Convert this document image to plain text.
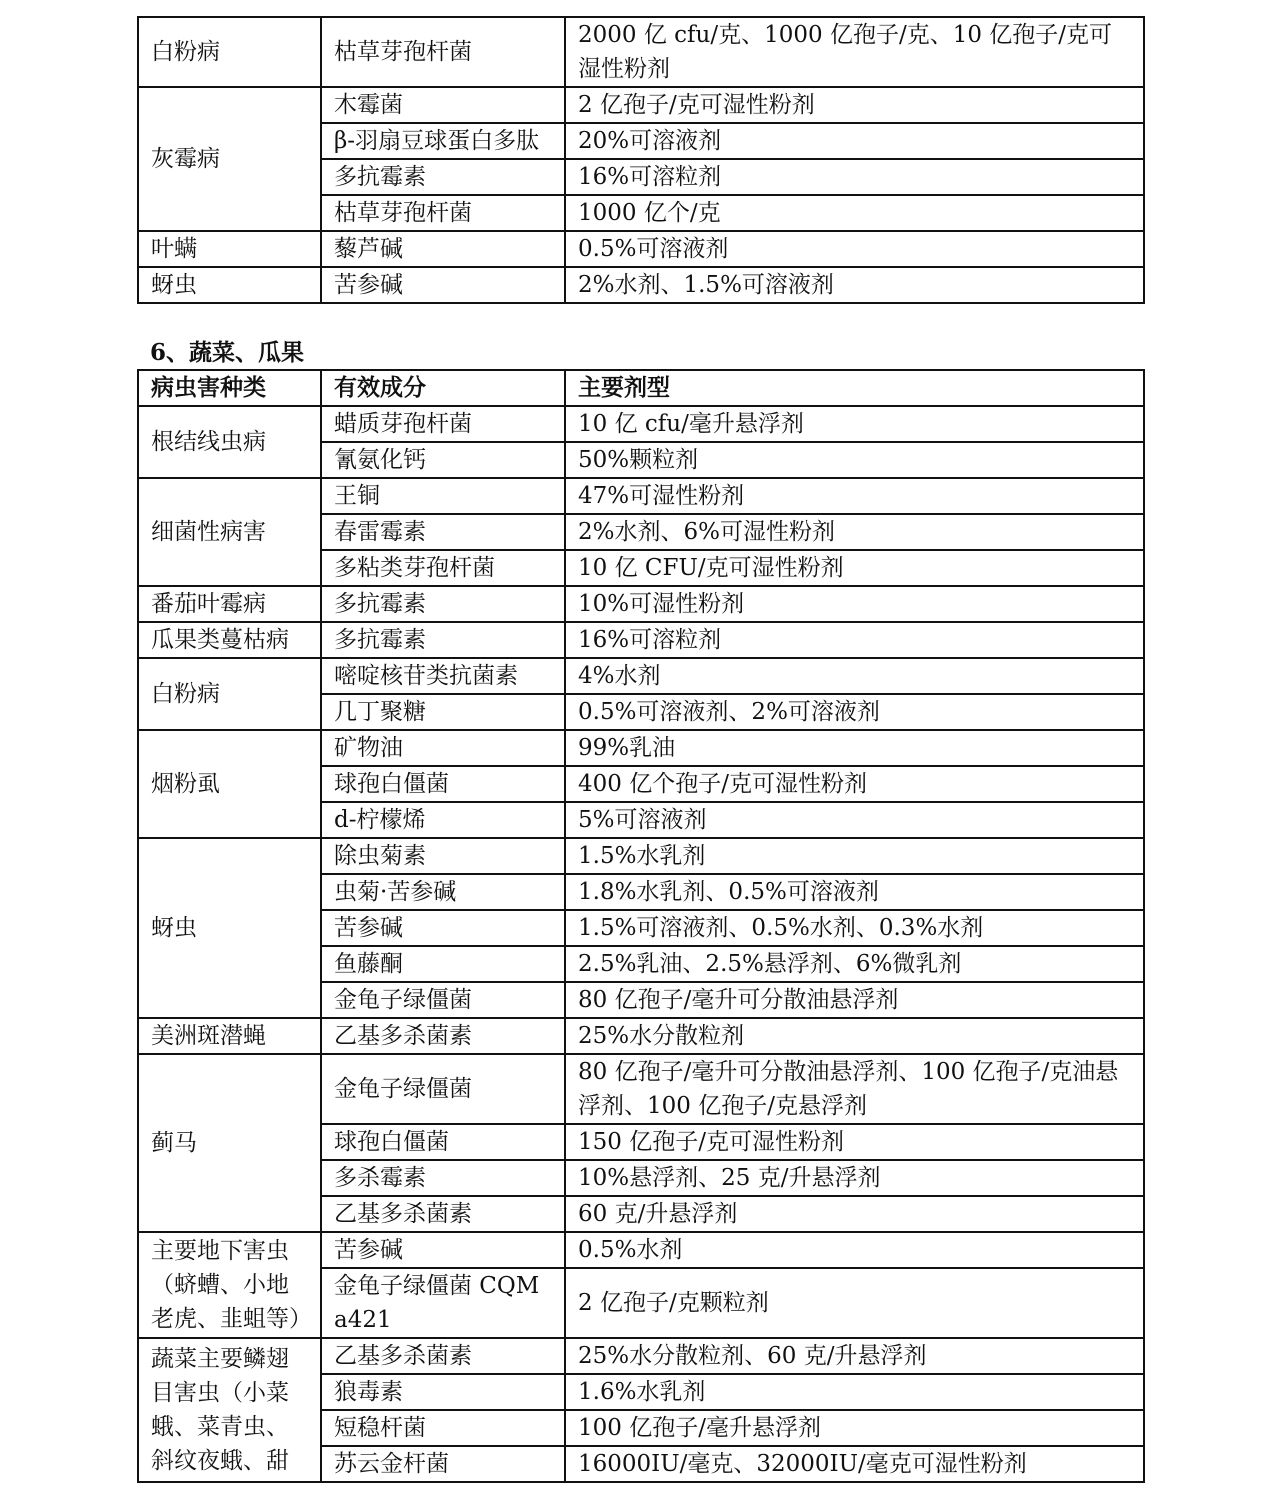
白粉病	枯草芽孢杆菌	2000 亿 cfu/克、1000 亿孢子/克、10 亿孢子/克可湿性粉剂
灰霉病	木霉菌	2 亿孢子/克可湿性粉剂
	β-羽扇豆球蛋白多肽	20%可溶液剂
	多抗霉素	16%可溶粒剂
	枯草芽孢杆菌	1000 亿个/克
叶螨	藜芦碱	0.5%可溶液剂
蚜虫	苦参碱	2%水剂、1.5%可溶液剂
6、蔬菜、瓜果
病虫害种类	有效成分	主要剂型
根结线虫病	蜡质芽孢杆菌	10 亿 cfu/毫升悬浮剂
	氰氨化钙	50%颗粒剂
细菌性病害	王铜	47%可湿性粉剂
	春雷霉素	2%水剂、6%可湿性粉剂
	多粘类芽孢杆菌	10 亿 CFU/克可湿性粉剂
番茄叶霉病	多抗霉素	10%可湿性粉剂
瓜果类蔓枯病	多抗霉素	16%可溶粒剂
白粉病	嘧啶核苷类抗菌素	4%水剂
	几丁聚糖	0.5%可溶液剂、2%可溶液剂
烟粉虱	矿物油	99%乳油
	球孢白僵菌	400 亿个孢子/克可湿性粉剂
	d-柠檬烯	5%可溶液剂
蚜虫	除虫菊素	1.5%水乳剂
	虫菊·苦参碱	1.8%水乳剂、0.5%可溶液剂
	苦参碱	1.5%可溶液剂、0.5%水剂、0.3%水剂
	鱼藤酮	2.5%乳油、2.5%悬浮剂、6%微乳剂
	金龟子绿僵菌	80 亿孢子/毫升可分散油悬浮剂
美洲斑潜蝇	乙基多杀菌素	25%水分散粒剂
蓟马	金龟子绿僵菌	80 亿孢子/毫升可分散油悬浮剂、100 亿孢子/克油悬浮剂、100 亿孢子/克悬浮剂
	球孢白僵菌	150 亿孢子/克可湿性粉剂
	多杀霉素	10%悬浮剂、25 克/升悬浮剂
	乙基多杀菌素	60 克/升悬浮剂
主要地下害虫（蛴螬、小地老虎、韭蛆等）	苦参碱	0.5%水剂
	金龟子绿僵菌 CQMa421	2 亿孢子/克颗粒剂
蔬菜主要鳞翅目害虫（小菜蛾、菜青虫、斜纹夜蛾、甜	乙基多杀菌素	25%水分散粒剂、60 克/升悬浮剂
	狼毒素	1.6%水乳剂
	短稳杆菌	100 亿孢子/毫升悬浮剂
	苏云金杆菌	16000IU/毫克、32000IU/毫克可湿性粉剂
